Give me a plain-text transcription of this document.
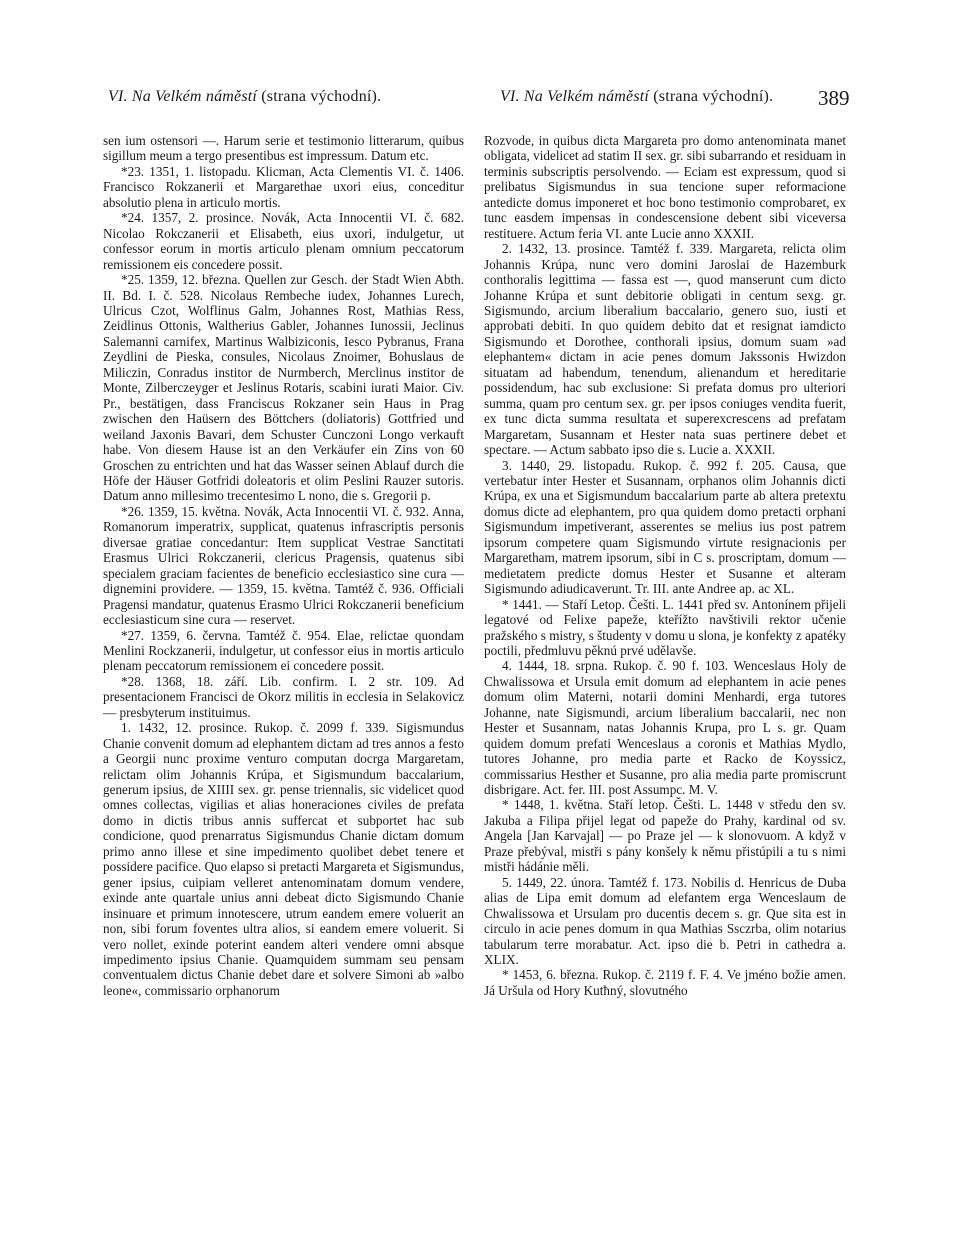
VI. Na Velkém náměstí (strana východní).	VI. Na Velkém náměstí (strana východní). 389

sen ium ostensori —. Harum serie et testimonio litterarum, quibus sigillum meum a tergo presentibus est impressum. Datum etc.

*23. 1351, 1. listopadu. Klicman, Acta Clementis VI. č. 1406. Francisco Rokzanerii et Margarethae uxori eius, conceditur absolutio plena in articulo mortis.

*24. 1357, 2. prosince. Novák, Acta Innocentii VI. č. 682. Nicolao Rokczanerii et Elisabeth, eius uxori, indulgetur, ut confessor eorum in mortis articulo plenam omnium peccatorum remissionem eis concedere possit.

*25. 1359, 12. března. Quellen zur Gesch. der Stadt Wien Abth. II. Bd. I. č. 528. Nicolaus Rembeche iudex, Johannes Lurech, Ulricus Czot, Wolflinus Galm, Johannes Rost, Mathias Ress, Zeidlinus Ottonis, Waltherius Gabler, Johannes Iunossii, Jeclinus Salemanni carnifex, Martinus Walbiziconis, Iesco Pybranus, Frana Zeydlini de Pieska, consules, Nicolaus Znoimer, Bohuslaus de Miliczin, Conradus institor de Nurmberch, Merclinus institor de Monte, Zilberczeyger et Jeslinus Rotaris, scabini iurati Maior. Civ. Pr., bestätigen, dass Franciscus Rokzaner sein Haus in Prag zwischen den Haüsern des Böttchers (doliatoris) Gottfried und weiland Jaxonis Bavari, dem Schuster Cunczoni Longo verkauft habe. Von diesem Hause ist an den Verkäufer ein Zins von 60 Groschen zu entrichten und hat das Wasser seinen Ablauf durch die Höfe der Häuser Gotfridi doleatoris et olim Peslini Rauzer sutoris. Datum anno millesimo trecentesimo L nono, die s. Gregorii p.

*26. 1359, 15. května. Novák, Acta Innocentii VI. č. 932. Anna, Romanorum imperatrix, supplicat, quatenus infrascriptis personis diversae gratiae concedantur: Item supplicat Vestrae Sanctitati Erasmus Ulrici Rokczanerii, clericus Pragensis, quatenus sibi specialem graciam facientes de beneficio ecclesiastico sine cura — dignemini providere. — 1359, 15. května. Tamtéž č. 936. Officiali Pragensi mandatur, quatenus Erasmo Ulrici Rokczanerii beneficium ecclesiasticum sine cura — reservet.

*27. 1359, 6. června. Tamtéž č. 954. Elae, relictae quondam Menlini Rockzanerii, indulgetur, ut confessor eius in mortis articulo plenam peccatorum remissionem ei concedere possit.

*28. 1368, 18. září. Lib. confirm. I. 2 str. 109. Ad presentacionem Francisci de Okorz militis in ecclesia in Selakovicz — presbyterum instituimus.

1. 1432, 12. prosince. Rukop. č. 2099 f. 339. Sigismundus Chanie convenit domum ad elephantem dictam ad tres annos a festo a Georgii nunc proxime venturo computan docrga Margaretam, relictam olim Johannis Krúpa, et Sigismundum baccalarium, generum ipsius, de XIIII sex. gr. pense triennalis, sic videlicet quod omnes collectas, vigilias et alias honeraciones civiles de prefata domo in dictis tribus annis suffercat et subportet hac sub condicione, quod prenarratus Sigismundus Chanie dictam domum primo anno illese et sine impedimento quolibet debet tenere et possidere pacifice. Quo elapso si pretacti Margareta et Sigismundus, gener ipsius, cuipiam velleret antenominatam domum vendere, exinde ante quartale unius anni debeat dicto Sigismundo Chanie insinuare et primum innotescere, utrum eandem emere voluerit an non, sibi forum foventes ultra alios, si eandem emere voluerit. Si vero nollet, exinde poterint eandem alteri vendere omni absque impedimento ipsius Chanie. Quamquidem summam seu pensam conventualem dictus Chanie debet dare et solvere Simoni ab »albo leone«, commissario orphanorum

Rozvode, in quibus dicta Margareta pro domo antenominata manet obligata, videlicet ad statim II sex. gr. sibi subarrando et residuam in terminis subscriptis persolvendo. — Eciam est expressum, quod si prelibatus Sigismundus in sua tencione super reformacione antedicte domus imponeret et hoc bono testimonio comprobaret, ex tunc easdem impensas in condescensione debent sibi viceversa restituere. Actum feria VI. ante Lucie anno XXXII.

2. 1432, 13. prosince. Tamtéž f. 339. Margareta, relicta olim Johannis Krúpa, nunc vero domini Jaroslai de Hazemburk conthoralis legittima — fassa est —, quod manserunt cum dicto Johanne Krúpa et sunt debitorie obligati in centum sexg. gr. Sigismundo, arcium liberalium baccalario, genero suo, iusti et approbati debiti. In quo quidem debito dat et resignat iamdicto Sigismundo et Dorothee, conthorali ipsius, domum suam »ad elephantem« dictam in acie penes domum Jakssonis Hwizdon situatam ad habendum, tenendum, alienandum et hereditarie possidendum, hac sub exclusione: Si prefata domus pro ulteriori summa, quam pro centum sex. gr. per ipsos coniuges vendita fuerit, ex tunc dicta summa resultata et superexcrescens ad prefatam Margaretam, Susannam et Hester nata suas pertinere debet et spectare. — Actum sabbato ipso die s. Lucie a. XXXII.

3. 1440, 29. listopadu. Rukop. č. 992 f. 205. Causa, que vertebatur inter Hester et Susannam, orphanos olim Johannis dicti Krúpa, ex una et Sigismundum baccalarium parte ab altera pretextu domus dicte ad elephantem, pro qua quidem domo pretacti orphani Sigismundum impetiverant, asserentes se melius ius post patrem ipsorum competere quam Sigismundo virtute resignacionis per Margaretham, matrem ipsorum, sibi in C s. proscriptam, domum — medietatem predicte domus Hester et Susanne et alteram Sigismundo adiudicaverunt. Tr. III. ante Andree ap. ac XL.

* 1441. — Staří Letop. Češti. L. 1441 před sv. Antonínem přijeli legatové od Felixe papeže, kteřížto navštivili rektor učenie pražského s mistry, s študenty v domu u slona, je konfekty z apatéky poctili, předmluvu pěknú prvé udělavše.

4. 1444, 18. srpna. Rukop. č. 90 f. 103. Wenceslaus Holy de Chwalissowa et Ursula emit domum ad elephantem in acie penes domum olim Materni, notarii domini Menhardi, erga tutores Johanne, nate Sigismundi, arcium liberalium baccalarii, nec non Hester et Susannam, natas Johannis Krupa, pro L s. gr. Quam quidem domum prefati Wenceslaus a coronis et Mathias Mydlo, tutores Johanne, pro media parte et Racko de Koyssicz, commissarius Hesther et Susanne, pro alia media parte promiscrunt disbrigare. Act. fer. III. post Assumpc. M. V.

* 1448, 1. května. Staří letop. Češti. L. 1448 v středu den sv. Jakuba a Filipa přijel legat od papeže do Prahy, kardinal od sv. Angela [Jan Karvajal] — po Praze jel — k slonovuom. A když v Praze přebýval, mistři s pány konšely k němu přistúpili a tu s nimi mistři hádánie měli.

5. 1449, 22. února. Tamtéž f. 173. Nobilis d. Henricus de Duba alias de Lipa emit domum ad elefantem erga Wenceslaum de Chwalissowa et Ursulam pro ducentis decem s. gr. Que sita est in circulo in acie penes domum in qua Mathias Ssczrba, olim notarius tabularum terre morabatur. Act. ipso die b. Petri in cathedra a. XLIX.

* 1453, 6. března. Rukop. č. 2119 f. F. 4. Ve jméno božie amen. Já Uršula od Hory Kutħný, slovutného
